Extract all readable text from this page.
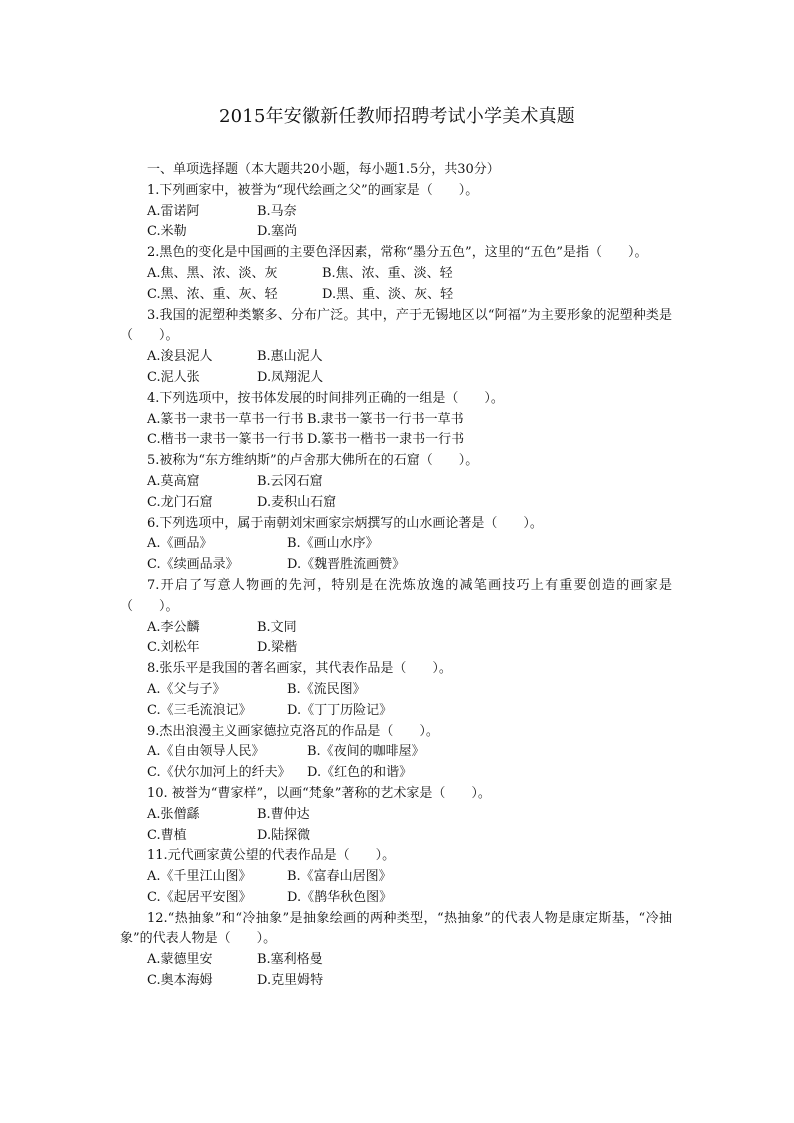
2015年安徽新任教师招聘考试小学美术真题
一、单项选择题（本大题共20小题，每小题1.5分，共30分）
1.下列画家中，被誉为“现代绘画之父”的画家是（　　）。
A.雷诺阿	B.马奈
C.米勒	D.塞尚
2.黑色的变化是中国画的主要色泽因素，常称“墨分五色”，这里的“五色”是指（　　）。
A.焦、黑、浓、淡、灰	B.焦、浓、重、淡、轻
C.黑、浓、重、灰、轻	D.黑、重、淡、灰、轻
3.我国的泥塑种类繁多、分布广泛。其中，产于无锡地区以“阿福”为主要形象的泥塑种类是（　　）。
A.浚县泥人	B.惠山泥人
C.泥人张	D.凤翔泥人
4.下列选项中，按书体发展的时间排列正确的一组是（　　）。
A.篆书一隶书一草书一行书 B.隶书一篆书一行书一草书
C.楷书一隶书一篆书一行书 D.篆书一楷书一隶书一行书
5.被称为“东方维纳斯”的卢舍那大佛所在的石窟（　　）。
A.莫高窟	B.云冈石窟
C.龙门石窟	D.麦积山石窟
6.下列选项中，属于南朝刘宋画家宗炳撰写的山水画论著是（　　）。
A.《画品》	B.《画山水序》
C.《续画品录》	D.《魏晋胜流画赞》
7.开启了写意人物画的先河，特别是在洗炼放逸的减笔画技巧上有重要创造的画家是（　　）。
A.李公麟	B.文同
C.刘松年	D.梁楷
8.张乐平是我国的著名画家，其代表作品是（　　）。
A.《父与子》	B.《流民图》
C.《三毛流浪记》	D.《丁丁历险记》
9.杰出浪漫主义画家德拉克洛瓦的作品是（　　）。
A.《自由领导人民》	B.《夜间的咖啡屋》
C.《伏尔加河上的纤夫》 D.《红色的和谐》
10. 被誉为“曹家样”，以画“梵象”著称的艺术家是（　　）。
A.张僧繇	B.曹仲达
C.曹植	D.陆探微
11.元代画家黄公望的代表作品是（　　）。
A.《千里江山图》	B.《富春山居图》
C.《起居平安图》	D.《鹊华秋色图》
12.“热抽象”和“冷抽象”是抽象绘画的两种类型，“热抽象”的代表人物是康定斯基，“冷抽象”的代表人物是（　　）。
A.蒙德里安	B.塞利格曼
C.奥本海姆	D.克里姆特
